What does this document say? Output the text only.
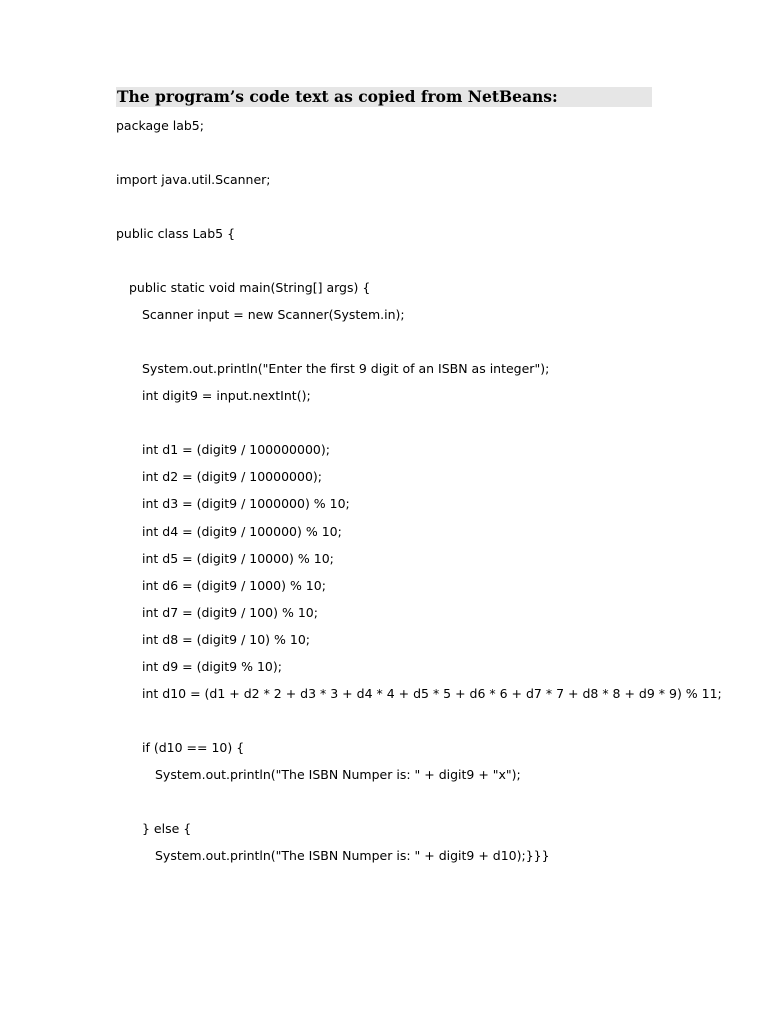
The program’s code text as copied from NetBeans:
package lab5;
import java.util.Scanner;
public class Lab5 {
public static void main(String[] args) {
Scanner input = new Scanner(System.in);
System.out.println("Enter the first 9 digit of an ISBN as integer");
int digit9 = input.nextInt();
int d1 = (digit9 / 100000000);
int d2 = (digit9 / 10000000);
int d3 = (digit9 / 1000000) % 10;
int d4 = (digit9 / 100000) % 10;
int d5 = (digit9 / 10000) % 10;
int d6 = (digit9 / 1000) % 10;
int d7 = (digit9 / 100) % 10;
int d8 = (digit9 / 10) % 10;
int d9 = (digit9 % 10);
int d10 = (d1 + d2 * 2 + d3 * 3 + d4 * 4 + d5 * 5 + d6 * 6 + d7 * 7 + d8 * 8 + d9 * 9) % 11;
if (d10 == 10) {
System.out.println("The ISBN Numper is: " + digit9 + "x");
} else {
System.out.println("The ISBN Numper is: " + digit9 + d10);}}}
